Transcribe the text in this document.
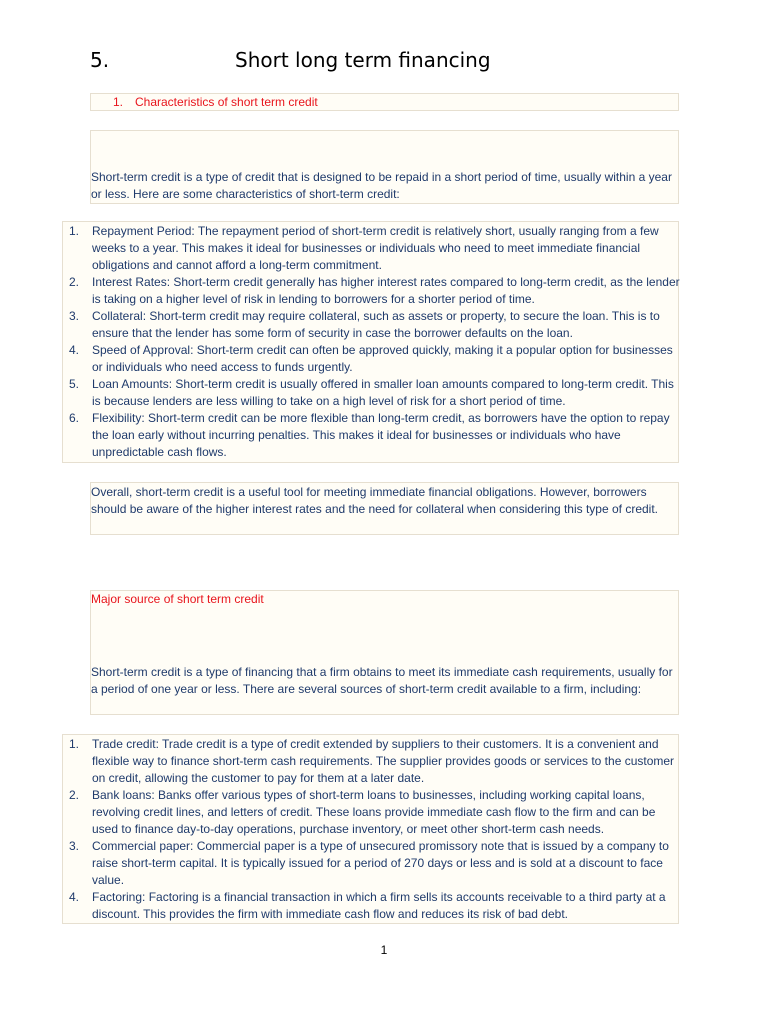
5.	Short long term financing
1. Characteristics of short term credit
Short-term credit is a type of credit that is designed to be repaid in a short period of time, usually within a year or less. Here are some characteristics of short-term credit:
1. Repayment Period: The repayment period of short-term credit is relatively short, usually ranging from a few weeks to a year. This makes it ideal for businesses or individuals who need to meet immediate financial obligations and cannot afford a long-term commitment.
2. Interest Rates: Short-term credit generally has higher interest rates compared to long-term credit, as the lender is taking on a higher level of risk in lending to borrowers for a shorter period of time.
3. Collateral: Short-term credit may require collateral, such as assets or property, to secure the loan. This is to ensure that the lender has some form of security in case the borrower defaults on the loan.
4. Speed of Approval: Short-term credit can often be approved quickly, making it a popular option for businesses or individuals who need access to funds urgently.
5. Loan Amounts: Short-term credit is usually offered in smaller loan amounts compared to long-term credit. This is because lenders are less willing to take on a high level of risk for a short period of time.
6. Flexibility: Short-term credit can be more flexible than long-term credit, as borrowers have the option to repay the loan early without incurring penalties. This makes it ideal for businesses or individuals who have unpredictable cash flows.
Overall, short-term credit is a useful tool for meeting immediate financial obligations. However, borrowers should be aware of the higher interest rates and the need for collateral when considering this type of credit.
Major source of short term credit
Short-term credit is a type of financing that a firm obtains to meet its immediate cash requirements, usually for a period of one year or less. There are several sources of short-term credit available to a firm, including:
1. Trade credit: Trade credit is a type of credit extended by suppliers to their customers. It is a convenient and flexible way to finance short-term cash requirements. The supplier provides goods or services to the customer on credit, allowing the customer to pay for them at a later date.
2. Bank loans: Banks offer various types of short-term loans to businesses, including working capital loans, revolving credit lines, and letters of credit. These loans provide immediate cash flow to the firm and can be used to finance day-to-day operations, purchase inventory, or meet other short-term cash needs.
3. Commercial paper: Commercial paper is a type of unsecured promissory note that is issued by a company to raise short-term capital. It is typically issued for a period of 270 days or less and is sold at a discount to face value.
4. Factoring: Factoring is a financial transaction in which a firm sells its accounts receivable to a third party at a discount. This provides the firm with immediate cash flow and reduces its risk of bad debt.
1
